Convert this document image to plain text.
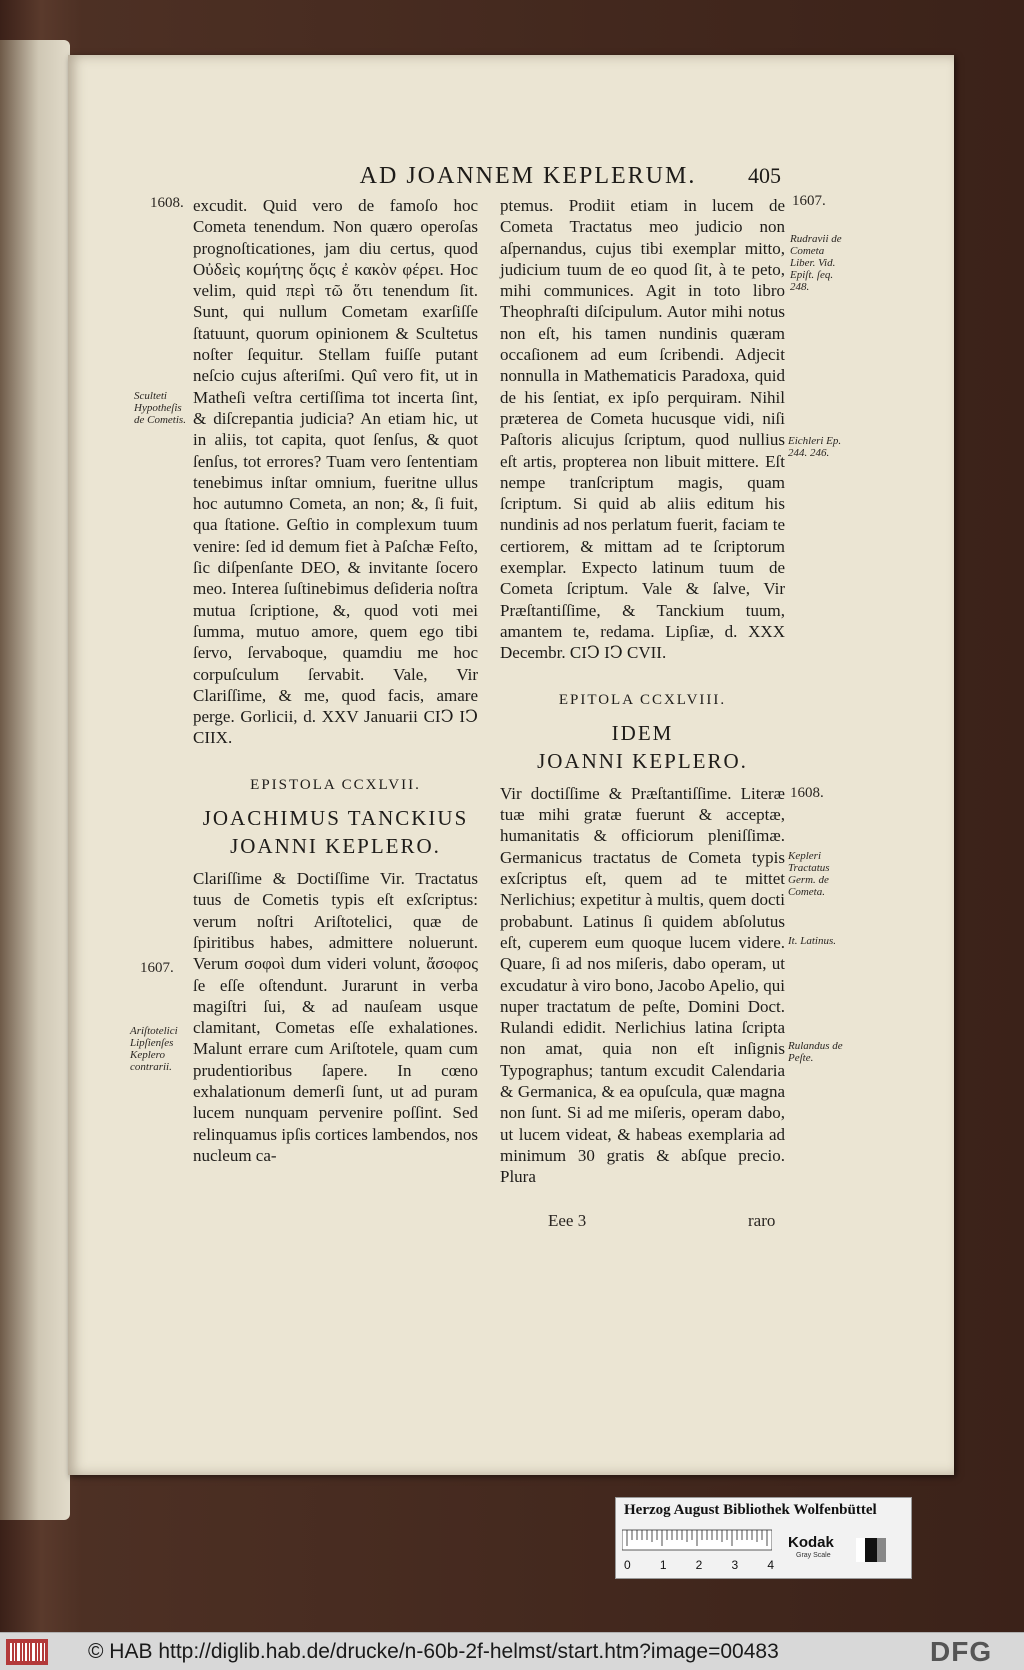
AD JOANNEM KEPLERUM.	405

excudit. Quid vero de famoſo hoc Cometa tenendum. Non quæro operoſas prognoſticationes, jam diu certus, quod Οὐδεὶς κομήτης ὅςις ἐ κακὸν φέρει. Hoc velim, quid περὶ τῶ ὅτι tenendum ſit. Sunt, qui nullum Cometam exarſiſſe ſtatuunt, quorum opinionem & Scultetus noſter ſequitur. Stellam fuiſſe putant neſcio cujus aſteriſmi. Quî vero fit, ut in Matheſi veſtra certiſſima tot incerta ſint, & diſcrepantia judicia? An etiam hic, ut in aliis, tot capita, quot ſenſus, & quot ſenſus, tot errores? Tuam vero ſententiam tenebimus inſtar omnium, fueritne ullus hoc autumno Cometa, an non; &, ſi fuit, qua ſtatione. Geſtio in complexum tuum venire: ſed id demum fiet à Paſchæ Feſto, ſic diſpenſante DEO, & invitante ſocero meo. Interea ſuſtinebimus deſideria noſtra mutua ſcriptione, &, quod voti mei ſumma, mutuo amore, quem ego tibi ſervo, ſervaboque, quamdiu me hoc corpuſculum ſervabit. Vale, Vir Clariſſime, & me, quod facis, amare perge. Gorlicii, d. XXV Januarii CIↃ IↃ CIIX.

EPISTOLA CCXLVII.
JOACHIMUS TANCKIUS
JOANNI KEPLERO.

Clariſſime & Doctiſſime Vir. Tractatus tuus de Cometis typis eſt exſcriptus: verum noſtri Ariſtotelici, quæ de ſpiritibus habes, admittere noluerunt. Verum σοφοὶ dum videri volunt, ἄσοφος ſe eſſe oſtendunt. Jurarunt in verba magiſtri ſui, & ad nauſeam usque clamitant, Cometas eſſe exhalationes. Malunt errare cum Ariſtotele, quam cum prudentioribus ſapere. In cœno exhalationum demerſi ſunt, ut ad puram lucem nunquam pervenire poſſint. Sed relinquamus ipſis cortices lambendos, nos nucleum ca-

ptemus. Prodiit etiam in lucem de Cometa Tractatus meo judicio non aſpernandus, cujus tibi exemplar mitto, judicium tuum de eo quod ſit, à te peto, mihi communices. Agit in toto libro Theophraſti diſcipulum. Autor mihi notus non eſt, his tamen nundinis quæram occaſionem ad eum ſcribendi. Adjecit nonnulla in Mathematicis Paradoxa, quid de his ſentiat, ex ipſo perquiram. Nihil præterea de Cometa hucusque vidi, niſi Paſtoris alicujus ſcriptum, quod nullius eſt artis, propterea non libuit mittere. Eſt nempe tranſcriptum magis, quam ſcriptum. Si quid ab aliis editum his nundinis ad nos perlatum fuerit, faciam te certiorem, & mittam ad te ſcriptorum exemplar. Expecto latinum tuum de Cometa ſcriptum. Vale & ſalve, Vir Præſtantiſſime, & Tanckium tuum, amantem te, redama. Lipſiæ, d. XXX Decembr. CIↃ IↃ CVII.

EPITOLA CCXLVIII.
IDEM
JOANNI KEPLERO.

Vir doctiſſime & Præſtantiſſime. Literæ tuæ mihi gratæ fuerunt & acceptæ, humanitatis & officiorum pleniſſimæ. Germanicus tractatus de Cometa typis exſcriptus eſt, quem ad te mittet Nerlichius; expetitur à multis, quem docti probabunt. Latinus ſi quidem abſolutus eſt, cuperem eum quoque lucem videre. Quare, ſi ad nos miſeris, dabo operam, ut excudatur à viro bono, Jacobo Apelio, qui nuper tractatum de peſte, Domini Doct. Rulandi edidit. Nerlichius latina ſcripta non amat, quia non eſt inſignis Typographus; tantum excudit Calendaria & Germanica, & ea opuſcula, quæ magna non ſunt. Si ad me miſeris, operam dabo, ut lucem videat, & habeas exemplaria ad minimum 30 gratis & abſque precio. Plura

1608.
Sculteti Hypotheſis de Cometis.
1607.
Ariſtotelici Lipſienſes Keplero contrarii.
1607.
Rudravii de Cometa Liber. Vid. Epiſt. ſeq. 248.
Eichleri Ep. 244. 246.
1608.
Kepleri Tractatus Germ. de Cometa.
It. Latinus.
Rulandus de Peſte.
Eee 3	raro
Herzog August Bibliothek Wolfenbüttel
0 1 2 3 4
Kodak
Gray Scale
© HAB http://diglib.hab.de/drucke/n-60b-2f-helmst/start.htm?image=00483	DFG
